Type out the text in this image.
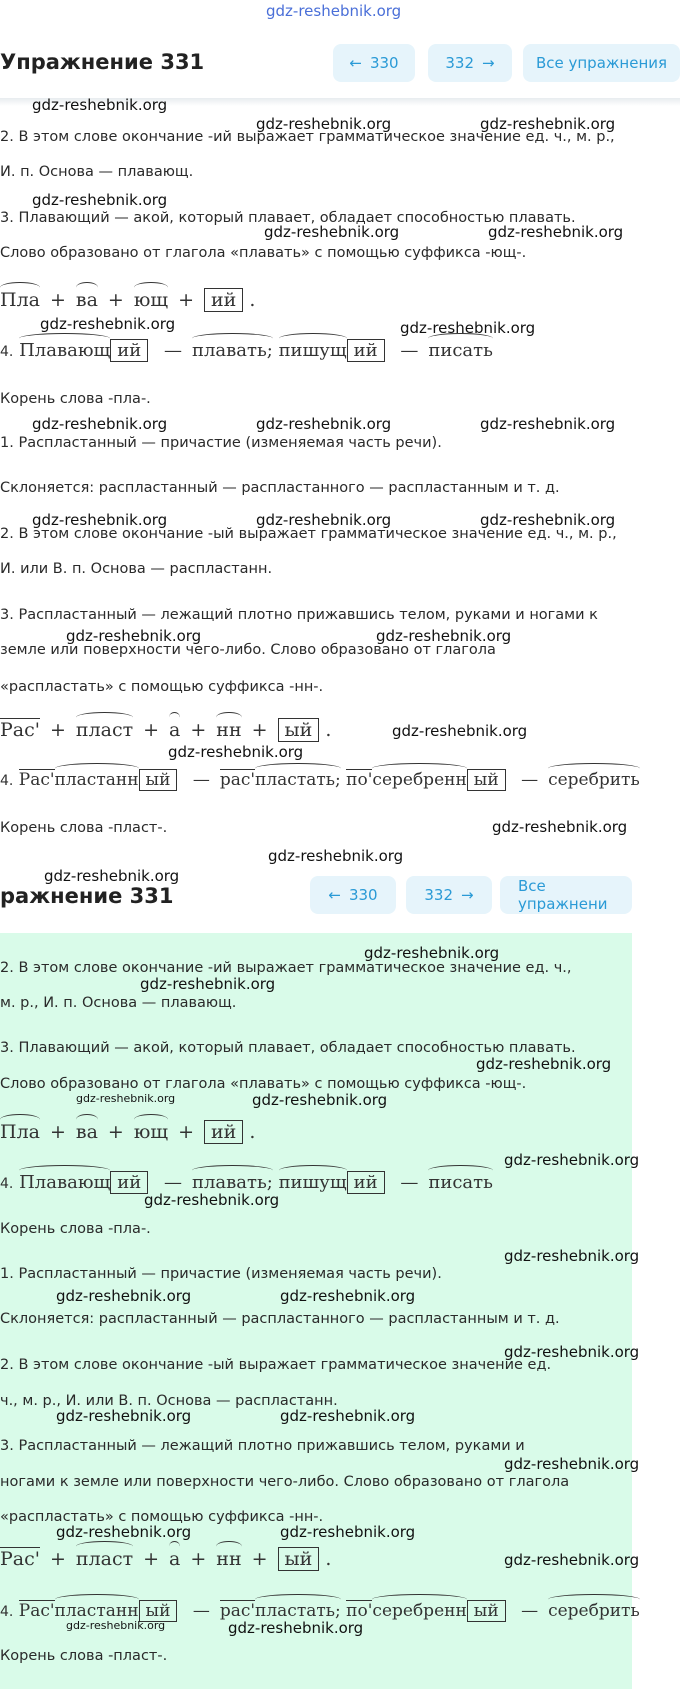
gdz-reshebnik.org
Упражнение 331	← 330	332 →	Все упражнения
2. В этом слове окончание -ий выражает грамматическое значение ед. ч., м. р.,
И. п. Основа — плавающ.
3. Плавающий — акой, который плавает, обладает способностью плавать.
Слово образовано от глагола «плавать» с помощью суффикса -ющ-.
Пла + ва + ющ + ий .
4. Плавающ ий — плавать; пишущ ий — писать
Корень слова -пла-.
1. Распластанный — причастие (изменяемая часть речи).
Склоняется: распластанный — распластанного — распластанным и т. д.
2. В этом слове окончание -ый выражает грамматическое значение ед. ч., м. р.,
И. или В. п. Основа — распластанн.
3. Распластанный — лежащий плотно прижавшись телом, руками и ногами к
земле или поверхности чего-либо. Слово образовано от глагола
«распластать» с помощью суффикса -нн-.
Рас' + пласт + а + нн + ый .
4. Рас'пластанн ый — рас'пластать; по'серебренн ый — серебрить
Корень слова -пласт-.
ражнение 331	← 330	332 →	Все упражнени
2. В этом слове окончание -ий выражает грамматическое значение ед. ч.,
м. р., И. п. Основа — плавающ.
3. Плавающий — акой, который плавает, обладает способностью плавать.
Слово образовано от глагола «плавать» с помощью суффикса -ющ-.
Пла + ва + ющ + ий .
4. Плавающ ий — плавать; пишущ ий — писать
Корень слова -пла-.
1. Распластанный — причастие (изменяемая часть речи).
Склоняется: распластанный — распластанного — распластанным и т. д.
2. В этом слове окончание -ый выражает грамматическое значение ед.
ч., м. р., И. или В. п. Основа — распластанн.
3. Распластанный — лежащий плотно прижавшись телом, руками и
ногами к земле или поверхности чего-либо. Слово образовано от глагола
«распластать» с помощью суффикса -нн-.
Рас' + пласт + а + нн + ый .
4. Рас'пластанн ый — рас'пластать; по'серебренн ый — серебрить
Корень слова -пласт-.
gdz-reshebnik.org
gdz-reshebnik.org	gdz-reshebnik.org
gdz-reshebnik.org
gdz-reshebnik.org	gdz-reshebnik.org
gdz-reshebnik.org	gdz-reshebnik.org
gdz-reshebnik.org	gdz-reshebnik.org	gdz-reshebnik.org
gdz-reshebnik.org	gdz-reshebnik.org	gdz-reshebnik.org
gdz-reshebnik.org	gdz-reshebnik.org
gdz-reshebnik.org
gdz-reshebnik.org
gdz-reshebnik.org
gdz-reshebnik.org
gdz-reshebnik.org
gdz-reshebnik.org
gdz-reshebnik.org
gdz-reshebnik.org
gdz-reshebnik.org	gdz-reshebnik.org
gdz-reshebnik.org
gdz-reshebnik.org
gdz-reshebnik.org
gdz-reshebnik.org	gdz-reshebnik.org
gdz-reshebnik.org
gdz-reshebnik.org	gdz-reshebnik.org
gdz-reshebnik.org
gdz-reshebnik.org	gdz-reshebnik.org
gdz-reshebnik.org
gdz-reshebnik.org	gdz-reshebnik.org
